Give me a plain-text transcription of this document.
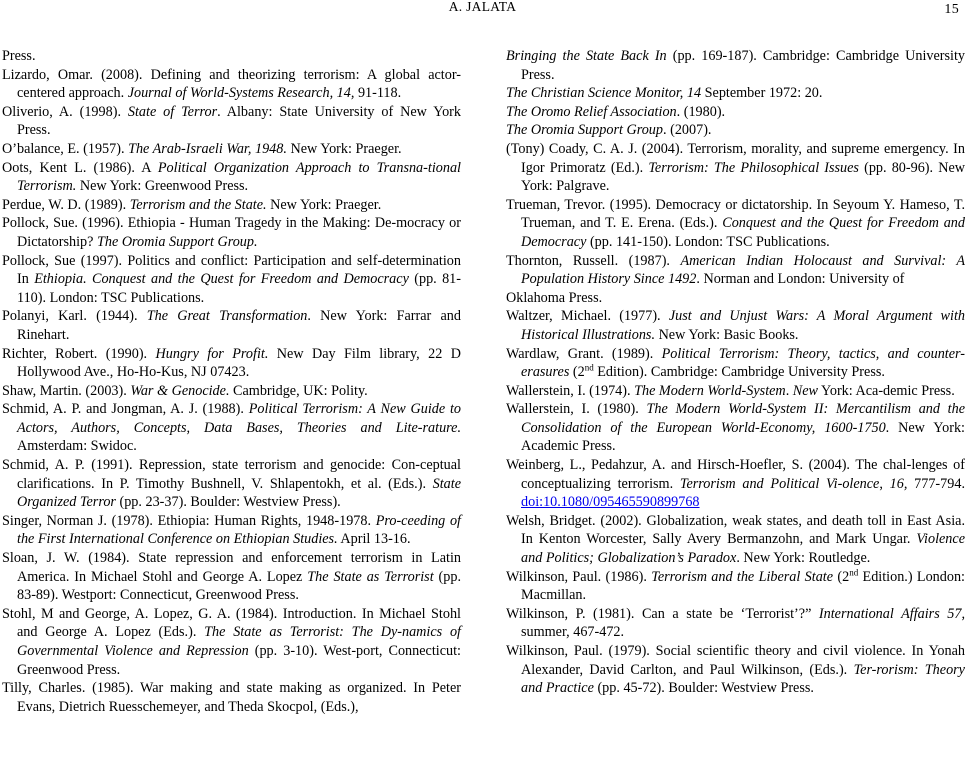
A. JALATA	15

Press.

Lizardo, Omar. (2008). Defining and theorizing terrorism: A global actor-centered approach. Journal of World-Systems Research, 14, 91-118.

Oliverio, A. (1998). State of Terror. Albany: State University of New York Press.

O’balance, E. (1957). The Arab-Israeli War, 1948. New York: Praeger.

Oots, Kent L. (1986). A Political Organization Approach to Transna-tional Terrorism. New York: Greenwood Press.

Perdue, W. D. (1989). Terrorism and the State. New York: Praeger.

Pollock, Sue. (1996). Ethiopia - Human Tragedy in the Making: De-mocracy or Dictatorship? The Oromia Support Group.

Pollock, Sue (1997). Politics and conflict: Participation and self-determination In Ethiopia. Conquest and the Quest for Freedom and Democracy (pp. 81-110). London: TSC Publications.

Polanyi, Karl. (1944). The Great Transformation. New York: Farrar and Rinehart.

Richter, Robert. (1990). Hungry for Profit. New Day Film library, 22 D Hollywood Ave., Ho-Ho-Kus, NJ 07423.

Shaw, Martin. (2003). War & Genocide. Cambridge, UK: Polity.

Schmid, A. P. and Jongman, A. J. (1988). Political Terrorism: A New Guide to Actors, Authors, Concepts, Data Bases, Theories and Lite-rature. Amsterdam: Swidoc.

Schmid, A. P. (1991). Repression, state terrorism and genocide: Con-ceptual clarifications. In P. Timothy Bushnell, V. Shlapentokh, et al. (Eds.). State Organized Terror (pp. 23-37). Boulder: Westview Press).

Singer, Norman J. (1978). Ethiopia: Human Rights, 1948-1978. Pro-ceeding of the First International Conference on Ethiopian Studies. April 13-16.

Sloan, J. W. (1984). State repression and enforcement terrorism in Latin America. In Michael Stohl and George A. Lopez The State as Terrorist (pp. 83-89). Westport: Connecticut, Greenwood Press.

Stohl, M and George, A. Lopez, G. A. (1984). Introduction. In Michael Stohl and George A. Lopez (Eds.). The State as Terrorist: The Dy-namics of Governmental Violence and Repression (pp. 3-10). West-port, Connecticut: Greenwood Press.

Tilly, Charles. (1985). War making and state making as organized. In Peter Evans, Dietrich Ruesschemeyer, and Theda Skocpol, (Eds.),

Bringing the State Back In (pp. 169-187). Cambridge: Cambridge University Press.

The Christian Science Monitor, 14 September 1972: 20.

The Oromo Relief Association. (1980).

The Oromia Support Group. (2007).

(Tony) Coady, C. A. J. (2004). Terrorism, morality, and supreme emergency. In Igor Primoratz (Ed.). Terrorism: The Philosophical Issues (pp. 80-96). New York: Palgrave.

Trueman, Trevor. (1995). Democracy or dictatorship. In Seyoum Y. Hameso, T. Trueman, and T. E. Erena. (Eds.). Conquest and the Quest for Freedom and Democracy (pp. 141-150). London: TSC Publications.

Thornton, Russell. (1987). American Indian Holocaust and Survival: A Population History Since 1492. Norman and London: University of

Oklahoma Press.

Waltzer, Michael. (1977). Just and Unjust Wars: A Moral Argument with Historical Illustrations. New York: Basic Books.

Wardlaw, Grant. (1989). Political Terrorism: Theory, tactics, and counter-erasures (2nd Edition). Cambridge: Cambridge University Press.

Wallerstein, I. (1974). The Modern World-System. New York: Aca-demic Press.

Wallerstein, I. (1980). The Modern World-System II: Mercantilism and the Consolidation of the European World-Economy, 1600-1750. New York: Academic Press.

Weinberg, L., Pedahzur, A. and Hirsch-Hoefler, S. (2004). The chal-lenges of conceptualizing terrorism. Terrorism and Political Vi-olence, 16, 777-794. doi:10.1080/095465590899768

Welsh, Bridget. (2002). Globalization, weak states, and death toll in East Asia. In Kenton Worcester, Sally Avery Bermanzohn, and Mark Ungar. Violence and Politics; Globalization’s Paradox. New York: Routledge.

Wilkinson, Paul. (1986). Terrorism and the Liberal State (2nd Edition.) London: Macmillan.

Wilkinson, P. (1981). Can a state be ‘Terrorist’?” International Affairs 57, summer, 467-472.

Wilkinson, Paul. (1979). Social scientific theory and civil violence. In Yonah Alexander, David Carlton, and Paul Wilkinson, (Eds.). Ter-rorism: Theory and Practice (pp. 45-72). Boulder: Westview Press.
